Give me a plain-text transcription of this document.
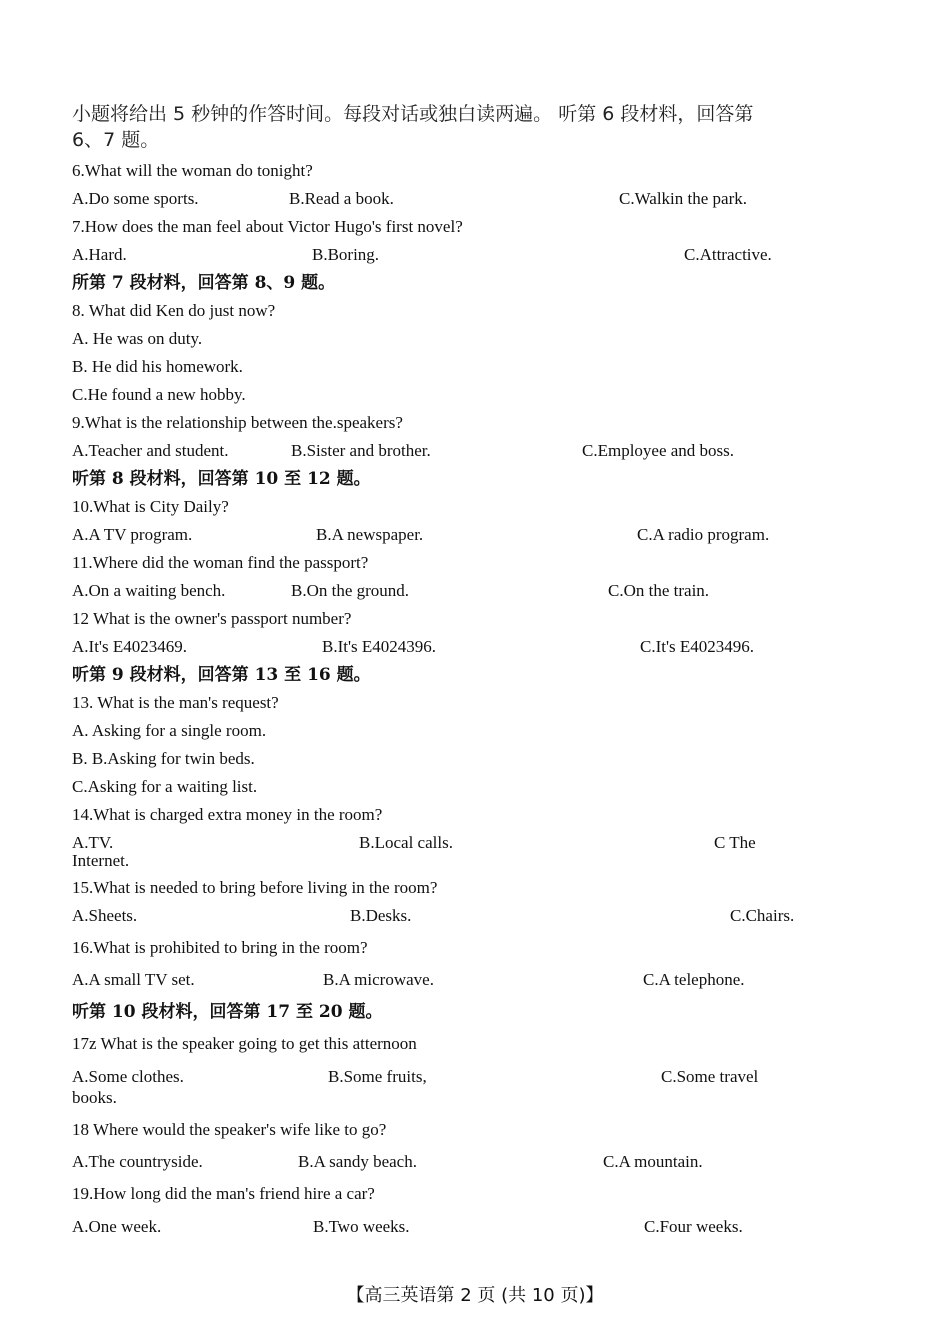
小题将给出 5 秒钟的作答时间。每段对话或独白读两遍。 听第 6 段材料，回答第 6、7 题。
6.What will the woman do tonight?
A.Do some sports.	B.Read a book.	C.Walkin the park.
7.How does the man feel about Victor Hugo's first novel?
A.Hard.	B.Boring.	C.Attractive.
所第 7 段材料，回答第 8、9 题。
8. What did Ken do just now?
A. He was on duty.
B. He did his homework.
C.He found a new hobby.
9.What is the relationship between the.speakers?
A.Teacher and student.	B.Sister and brother.	C.Employee and boss.
听第 8 段材料，回答第 10 至 12 题。
10.What is City Daily?
A.A TV program.	B.A newspaper.	C.A radio program.
11.Where did the woman find the passport?
A.On a waiting bench.	B.On the ground.	C.On the train.
12 What is the owner's passport number?
A.It's E4023469.	B.It's E4024396.	C.It's E4023496.
听第 9 段材料，回答第 13 至 16 题。
13. What is the man's request?
A. Asking for a single room.
B. B.Asking for twin beds.
C.Asking for a waiting list.
14.What is charged extra money in the room?
A.TV.	B.Local calls.	C The
Internet.
15.What is needed to bring before living in the room?
A.Sheets.	B.Desks.	C.Chairs.
16.What is prohibited to bring in the room?
A.A small TV set.	B.A microwave.	C.A telephone.
听第 10 段材料，回答第 17 至 20 题。
17z What is the speaker going to get this atternoon
A.Some clothes.	B.Some fruits,	C.Some travel
books.
18 Where would the speaker's wife like to go?
A.The countryside.	B.A sandy beach.	C.A mountain.
19.How long did the man's friend hire a car?
A.One week.	B.Two weeks.	C.Four weeks.
【高三英语第 2 页 (共 10 页)】
